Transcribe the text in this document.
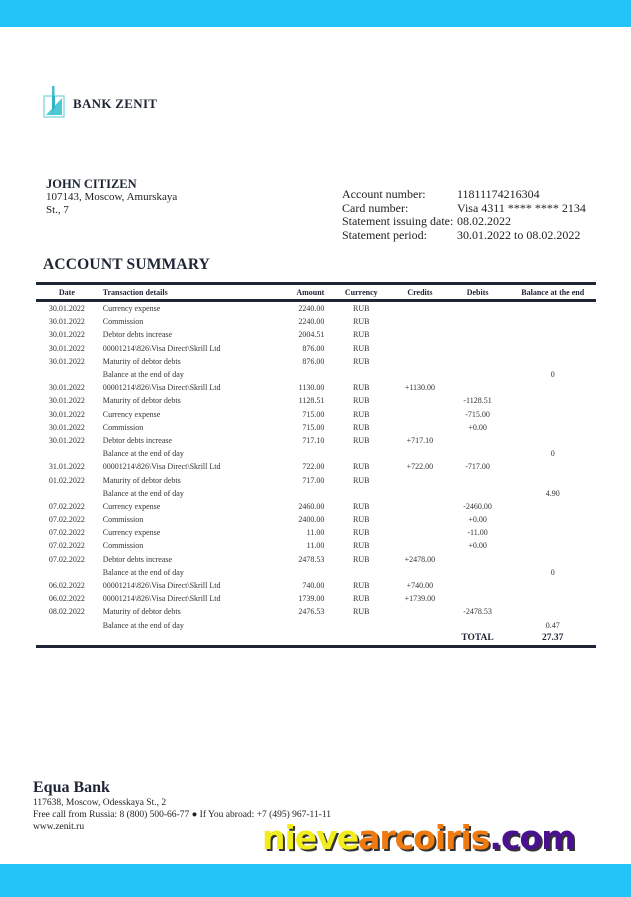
BANK ZENIT
JOHN CITIZEN
107143, Moscow, Amurskaya
St., 7
Account number:	11811174216304
Card number:	Visa 4311 **** **** 2134
Statement issuing date: 08.02.2022
Statement period:	30.01.2022 to 08.02.2022
ACCOUNT SUMMARY
Date	Transaction details	Amount	Currency	Credits	Debits	Balance at the end
30.01.2022	Currency expense	2240.00	RUB			
30.01.2022	Commission	2240.00	RUB			
30.01.2022	Debtor debts increase	2004.51	RUB			
30.01.2022	00001214\826\Visa Direct\Skrill Ltd	876.00	RUB			
30.01.2022	Maturity of debtor debts	876.00	RUB			
	Balance at the end of day					0
30.01.2022	00001214\826\Visa Direct\Skrill Ltd	1130.00	RUB	+1130.00		
30.01.2022	Maturity of debtor debts	1128.51	RUB		-1128.51	
30.01.2022	Currency expense	715.00	RUB		-715.00	
30.01.2022	Commission	715.00	RUB		+0.00	
30.01.2022	Debtor debts increase	717.10	RUB	+717.10		
	Balance at the end of day					0
31.01.2022	00001214\826\Visa Direct\Skrill Ltd	722.00	RUB	+722.00	-717.00	
01.02.2022	Maturity of debtor debts	717.00	RUB			
	Balance at the end of day					4.90
07.02.2022	Currency expense	2460.00	RUB		-2460.00	
07.02.2022	Commission	2400.00	RUB		+0.00	
07.02.2022	Currency expense	11.00	RUB		-11.00	
07.02.2022	Commission	11.00	RUB		+0.00	
07.02.2022	Debtor debts increase	2478.53	RUB	+2478.00		
	Balance at the end of day					0
06.02.2022	00001214\826\Visa Direct\Skrill Ltd	740.00	RUB	+740.00		
06.02.2022	00001214\826\Visa Direct\Skrill Ltd	1739.00	RUB	+1739.00		
08.02.2022	Maturity of debtor debts	2476.53	RUB		-2478.53	
	Balance at the end of day					0.47
					TOTAL	27.37
Equa Bank
117638, Moscow, Odesskaya St., 2
Free call from Russia: 8 (800) 500-66-77 ● If You abroad: +7 (495) 967-11-11
www.zenit.ru	nievearcoiris.com
